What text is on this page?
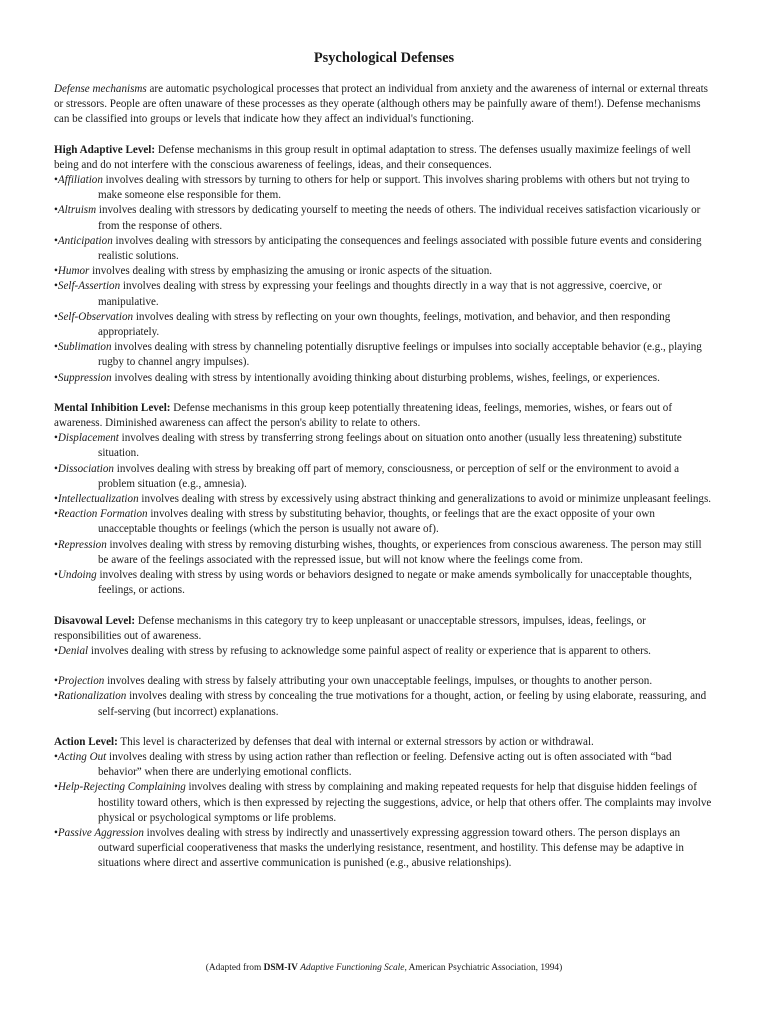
Psychological Defenses

Defense mechanisms are automatic psychological processes that protect an individual from anxiety and the awareness of internal or external threats or stressors. People are often unaware of these processes as they operate (although others may be painfully aware of them!). Defense mechanisms can be classified into groups or levels that indicate how they affect an individual's functioning.

High Adaptive Level: Defense mechanisms in this group result in optimal adaptation to stress. The defenses usually maximize feelings of well being and do not interfere with the conscious awareness of feelings, ideas, and their consequences.

•Affiliation involves dealing with stressors by turning to others for help or support. This involves sharing problems with others but not trying to make someone else responsible for them.

•Altruism involves dealing with stressors by dedicating yourself to meeting the needs of others. The individual receives satisfaction vicariously or from the response of others.

•Anticipation involves dealing with stressors by anticipating the consequences and feelings associated with possible future events and considering realistic solutions.

•Humor involves dealing with stress by emphasizing the amusing or ironic aspects of the situation.

•Self-Assertion involves dealing with stress by expressing your feelings and thoughts directly in a way that is not aggressive, coercive, or manipulative.

•Self-Observation involves dealing with stress by reflecting on your own thoughts, feelings, motivation, and behavior, and then responding appropriately.

•Sublimation involves dealing with stress by channeling potentially disruptive feelings or impulses into socially acceptable behavior (e.g., playing rugby to channel angry impulses).

•Suppression involves dealing with stress by intentionally avoiding thinking about disturbing problems, wishes, feelings, or experiences.

Mental Inhibition Level: Defense mechanisms in this group keep potentially threatening ideas, feelings, memories, wishes, or fears out of awareness. Diminished awareness can affect the person's ability to relate to others.

•Displacement involves dealing with stress by transferring strong feelings about on situation onto another (usually less threatening) substitute situation.

•Dissociation involves dealing with stress by breaking off part of memory, consciousness, or perception of self or the environment to avoid a problem situation (e.g., amnesia).

•Intellectualization involves dealing with stress by excessively using abstract thinking and generalizations to avoid or minimize unpleasant feelings.

•Reaction Formation involves dealing with stress by substituting behavior, thoughts, or feelings that are the exact opposite of your own unacceptable thoughts or feelings (which the person is usually not aware of).

•Repression involves dealing with stress by removing disturbing wishes, thoughts, or experiences from conscious awareness. The person may still be aware of the feelings associated with the repressed issue, but will not know where the feelings come from.

•Undoing involves dealing with stress by using words or behaviors designed to negate or make amends symbolically for unacceptable thoughts, feelings, or actions.

Disavowal Level: Defense mechanisms in this category try to keep unpleasant or unacceptable stressors, impulses, ideas, feelings, or responsibilities out of awareness.

•Denial involves dealing with stress by refusing to acknowledge some painful aspect of reality or experience that is apparent to others.

•Projection involves dealing with stress by falsely attributing your own unacceptable feelings, impulses, or thoughts to another person.

•Rationalization involves dealing with stress by concealing the true motivations for a thought, action, or feeling by using elaborate, reassuring, and self-serving (but incorrect) explanations.

Action Level: This level is characterized by defenses that deal with internal or external stressors by action or withdrawal.

•Acting Out involves dealing with stress by using action rather than reflection or feeling. Defensive acting out is often associated with “bad behavior” when there are underlying emotional conflicts.

•Help-Rejecting Complaining involves dealing with stress by complaining and making repeated requests for help that disguise hidden feelings of hostility toward others, which is then expressed by rejecting the suggestions, advice, or help that others offer. The complaints may involve physical or psychological symptoms or life problems.

•Passive Aggression involves dealing with stress by indirectly and unassertively expressing aggression toward others. The person displays an outward superficial cooperativeness that masks the underlying resistance, resentment, and hostility. This defense may be adaptive in situations where direct and assertive communication is punished (e.g., abusive relationships).

(Adapted from DSM-IV Adaptive Functioning Scale, American Psychiatric Association, 1994)
